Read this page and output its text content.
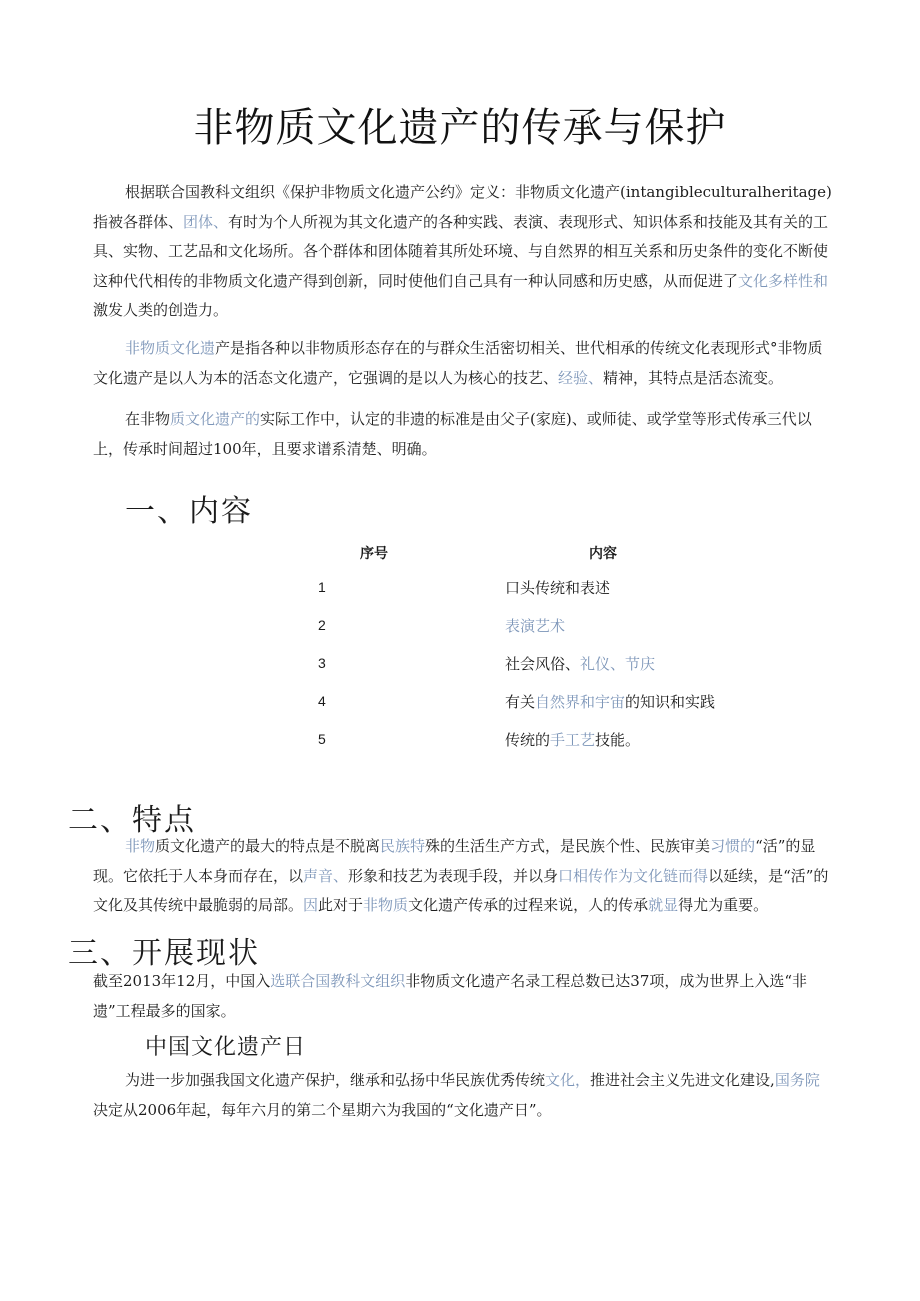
非物质文化遗产的传承与保护

根据联合国教科文组织《保护非物质文化遗产公约》定义：非物质文化遗产(intangibleculturalheritage)指被各群体、团体、有时为个人所视为其文化遗产的各种实践、表演、表现形式、知识体系和技能及其有关的工具、实物、工艺品和文化场所。各个群体和团体随着其所处环境、与自然界的相互关系和历史条件的变化不断使这种代代相传的非物质文化遗产得到创新，同时使他们自己具有一种认同感和历史感，从而促进了文化多样性和激发人类的创造力。

非物质文化遗产是指各种以非物质形态存在的与群众生活密切相关、世代相承的传统文化表现形式°非物质文化遗产是以人为本的活态文化遗产，它强调的是以人为核心的技艺、经验、精神，其特点是活态流变。

在非物质文化遗产的实际工作中，认定的非遗的标准是由父子(家庭)、或师徒、或学堂等形式传承三代以上，传承时间超过100年，且要求谱系清楚、明确。

一、内容
序号	内容
1	口头传统和表述
2	表演艺术
3	社会风俗、礼仪、节庆
4	有关自然界和宇宙的知识和实践
5	传统的手工艺技能。
二、特点

非物质文化遗产的最大的特点是不脱离民族特殊的生活生产方式，是民族个性、民族审美习惯的“活”的显现。它依托于人本身而存在，以声音、形象和技艺为表现手段，并以身口相传作为文化链而得以延续，是“活”的文化及其传统中最脆弱的局部。因此对于非物质文化遗产传承的过程来说，人的传承就显得尤为重要。

三、开展现状

截至2013年12月，中国入选联合国教科文组织非物质文化遗产名录工程总数已达37项，成为世界上入选“非遗”工程最多的国家。

中国文化遗产日

为进一步加强我国文化遗产保护，继承和弘扬中华民族优秀传统文化，推进社会主义先进文化建设,国务院决定从2006年起，每年六月的第二个星期六为我国的“文化遗产日”。
